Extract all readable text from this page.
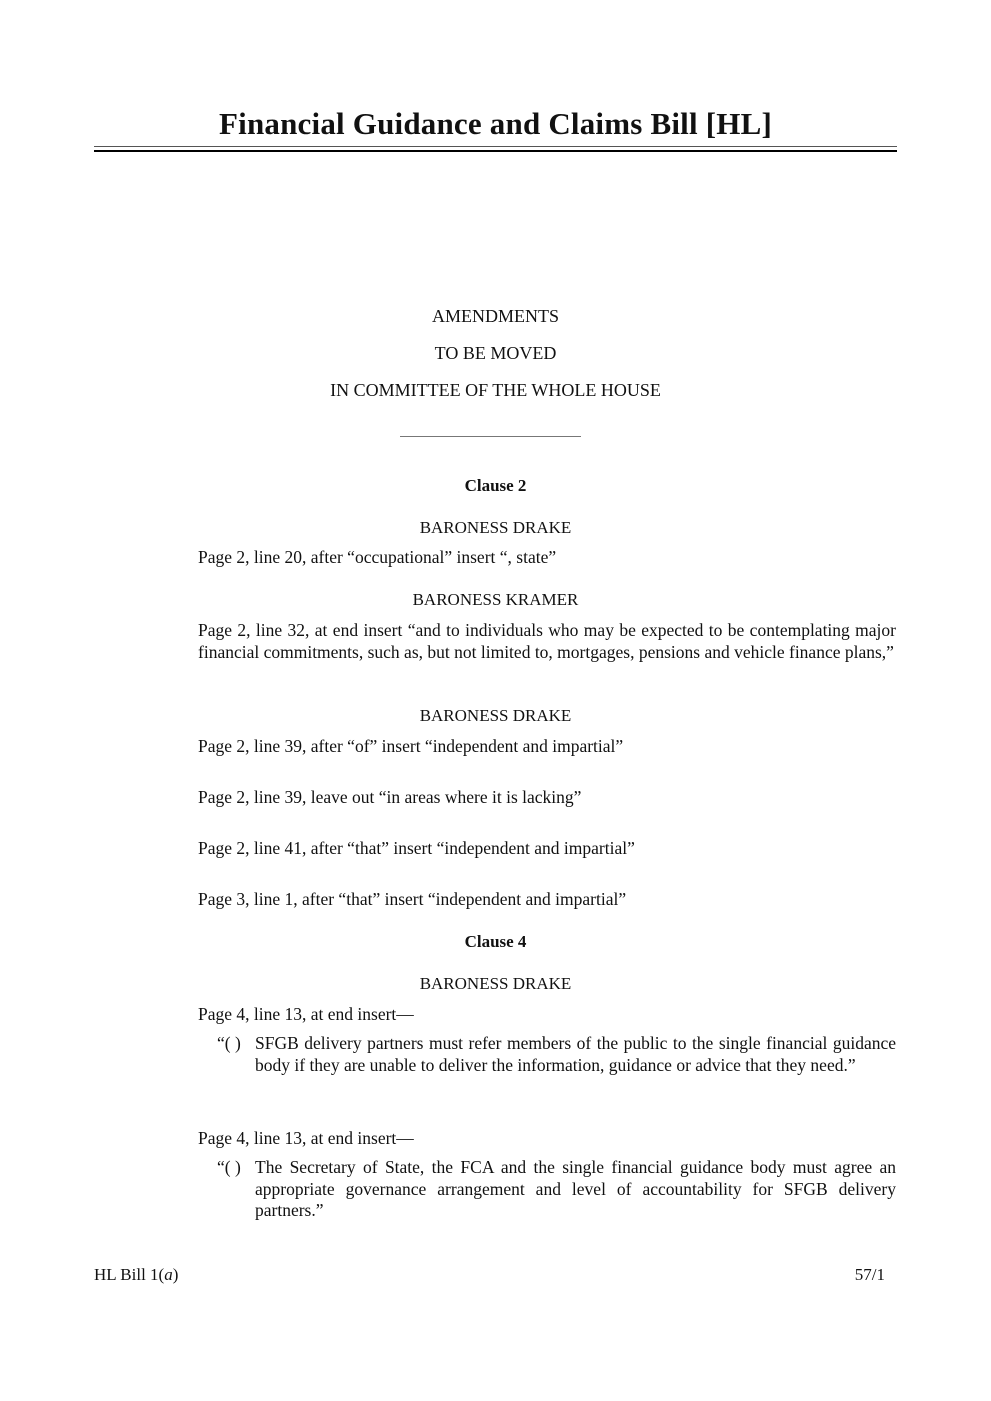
Financial Guidance and Claims Bill [HL]
AMENDMENTS
TO BE MOVED
IN COMMITTEE OF THE WHOLE HOUSE
Clause 2
BARONESS DRAKE
Page 2, line 20, after “occupational” insert “, state”
BARONESS KRAMER
Page 2, line 32, at end insert “and to individuals who may be expected to be contemplating major financial commitments, such as, but not limited to, mortgages, pensions and vehicle finance plans,”
BARONESS DRAKE
Page 2, line 39, after “of” insert “independent and impartial”
Page 2, line 39, leave out “in areas where it is lacking”
Page 2, line 41, after “that” insert “independent and impartial”
Page 3, line 1, after “that” insert “independent and impartial”
Clause 4
BARONESS DRAKE
Page 4, line 13, at end insert—
“( ) SFGB delivery partners must refer members of the public to the single financial guidance body if they are unable to deliver the information, guidance or advice that they need.”
Page 4, line 13, at end insert—
“( ) The Secretary of State, the FCA and the single financial guidance body must agree an appropriate governance arrangement and level of accountability for SFGB delivery partners.”
HL Bill 1(a)	57/1
